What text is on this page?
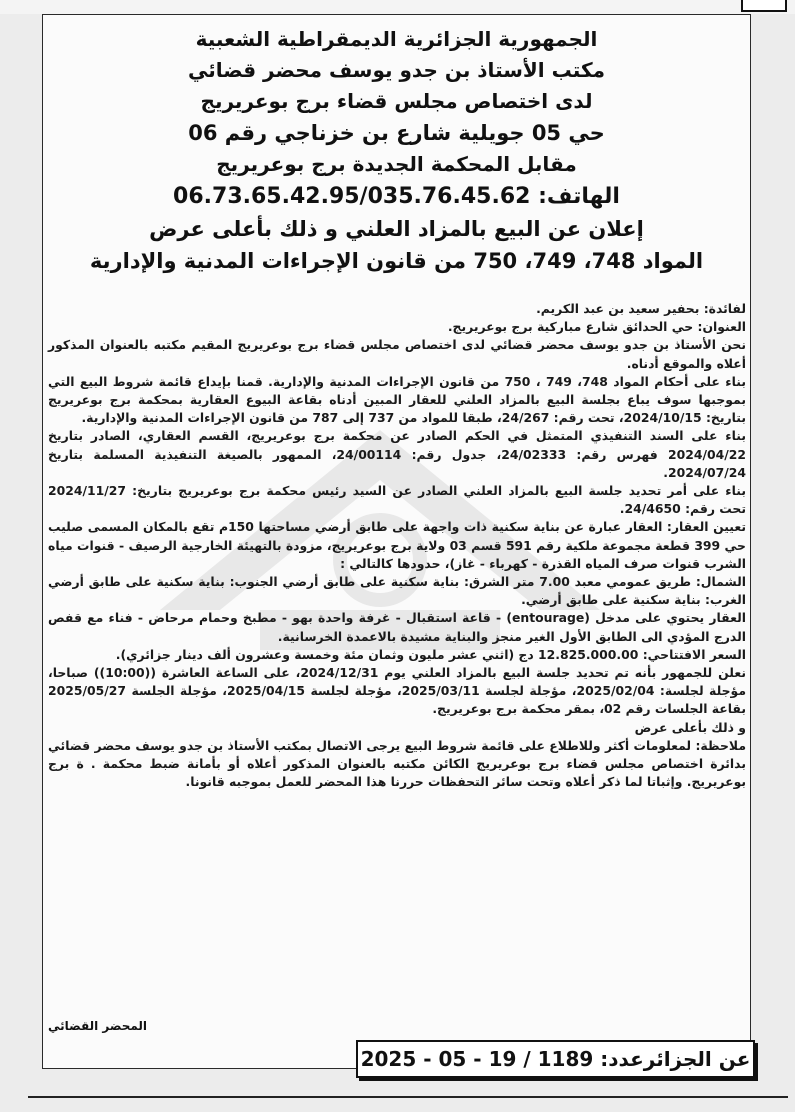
الجمهورية الجزائرية الديمقراطية الشعبية
مكتب الأستاذ بن جدو يوسف محضر قضائي
لدى اختصاص مجلس قضاء برج بوعريريج
حي 05 جويلية شارع بن خزناجي رقم 06
مقابل المحكمة الجديدة برج بوعريريج
الهاتف: 06.73.65.42.95/035.76.45.62
إعلان عن البيع بالمزاد العلني و ذلك بأعلى عرض
المواد 748، 749، 750 من قانون الإجراءات المدنية والإدارية

لفائدة: بحفير سعيد بن عبد الكريم.

العنوان: حي الحدائق شارع مباركية برج بوعريريج.

نحن الأستاذ بن جدو يوسف محضر قضائي لدى اختصاص مجلس قضاء برج بوعريريج المقيم مكتبه بالعنوان المذكور أعلاه والموقع أدناه.

بناء على أحكام المواد 748، 749 ، 750 من قانون الإجراءات المدنية والإدارية. قمنا بإيداع قائمة شروط البيع التي بموجبها سوف يباع بجلسة البيع بالمزاد العلني للعقار المبين أدناه بقاعة البيوع العقارية بمحكمة برج بوعريريج بتاريخ: 2024/10/15، تحت رقم: 24/267، طبقا للمواد من 737 إلى 787 من قانون الإجراءات المدنية والإدارية.

بناء على السند التنفيذي المتمثل في الحكم الصادر عن محكمة برج بوعريريج، القسم العقاري، الصادر بتاريخ 2024/04/22 فهرس رقم: 24/02333، جدول رقم: 24/00114، الممهور بالصيغة التنفيذية المسلمة بتاريخ 2024/07/24.

بناء على أمر تحديد جلسة البيع بالمزاد العلني الصادر عن السيد رئيس محكمة برج بوعريريج بتاريخ: 2024/11/27 تحت رقم: 24/4650.

تعيين العقار: العقار عبارة عن بناية سكنية ذات واجهة على طابق أرضي مساحتها 150م تقع بالمكان المسمى صليب حي 399 قطعة مجموعة ملكية رقم 591 قسم 03 ولاية برج بوعريريج، مزودة بالتهيئة الخارجية الرصيف - قنوات مياه الشرب قنوات صرف المياه القذرة - كهرباء - غاز)، حدودها كالتالي :

الشمال: طريق عمومي معبد 7.00 متر الشرق: بناية سكنية على طابق أرضي الجنوب: بناية سكنية على طابق أرضي الغرب: بناية سكنية على طابق أرضي.

العقار يحتوي على مدخل (entourage) - قاعة استقبال - غرفة واحدة بهو - مطبخ وحمام مرحاض - فناء مع قفص الدرج المؤدي الى الطابق الأول الغير منجز والبناية مشيدة بالاعمدة الخرسانية.

السعر الافتتاحي: 12.825.000.00 دج (اثني عشر مليون وثمان مئة وخمسة وعشرون ألف دينار جزائري).

نعلن للجمهور بأنه تم تحديد جلسة البيع بالمزاد العلني يوم 2024/12/31، على الساعة العاشرة ((10:00)) صباحا، مؤجلة لجلسة: 2025/02/04، مؤجلة لجلسة 2025/03/11، مؤجلة لجلسة 2025/04/15، مؤجلة الجلسة 2025/05/27 بقاعة الجلسات رقم 02، بمقر محكمة برج بوعريريج.

و ذلك بأعلى عرض

ملاحظة: لمعلومات أكثر وللاطلاع على قائمة شروط البيع يرجى الاتصال بمكتب الأستاذ بن جدو يوسف محضر قضائي بدائرة اختصاص مجلس قضاء برج بوعريريج الكائن مكتبه بالعنوان المذكور أعلاه أو بأمانة ضبط محكمة . ة برج بوعريريج. وإثباتا لما ذكر أعلاه وتحت سائر التحفظات حررنا هذا المحضر للعمل بموجبه قانونا.

المحضر القضائي
عن الجزائرعدد: 1189 / 19 - 05 - 2025
